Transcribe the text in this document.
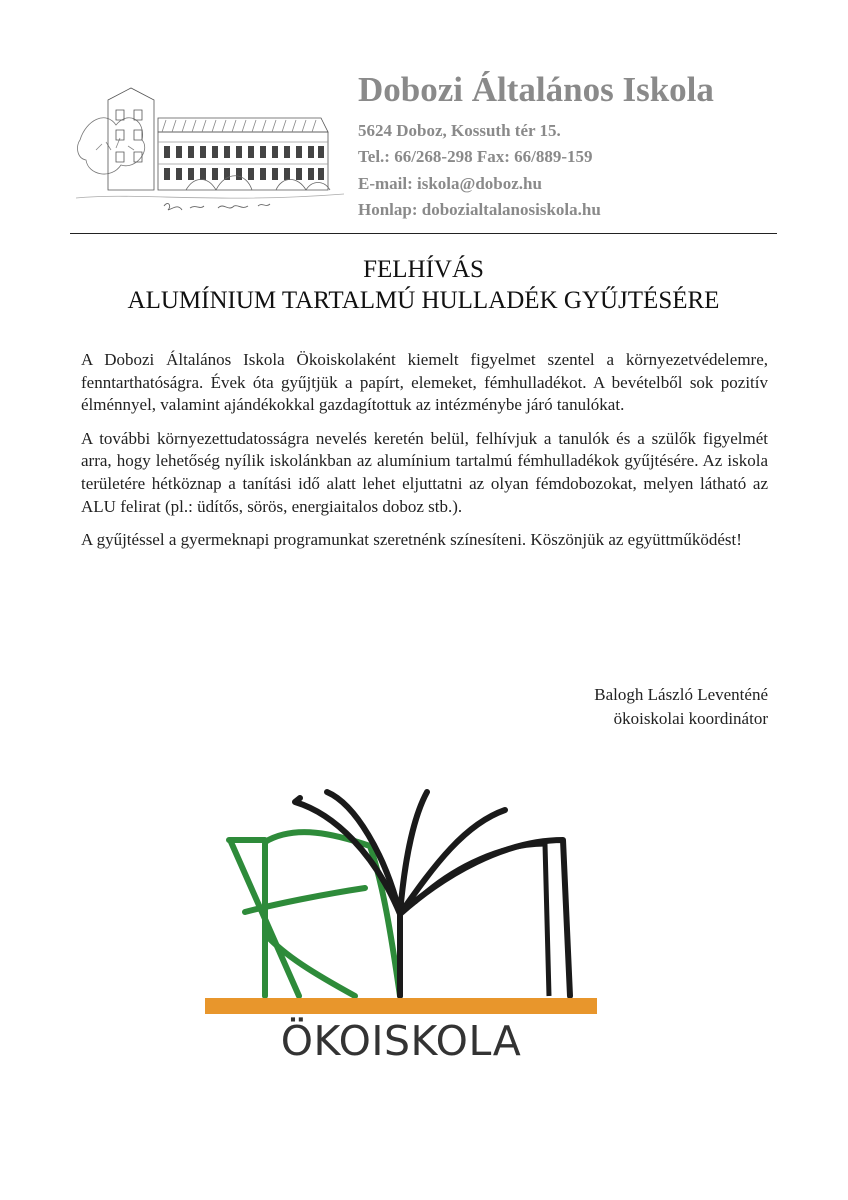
Dobozi Általános Iskola
5624 Doboz, Kossuth tér 15.
Tel.: 66/268-298 Fax: 66/889-159
E-mail: iskola@doboz.hu
Honlap: dobozialtalanosiskola.hu
FELHÍVÁS
ALUMÍNIUM TARTALMÚ HULLADÉK GYŰJTÉSÉRE

A Dobozi Általános Iskola Ökoiskolaként kiemelt figyelmet szentel a környezetvédelemre, fenntarthatóságra. Évek óta gyűjtjük a papírt, elemeket, fémhulladékot. A bevételből sok pozitív élménnyel, valamint ajándékokkal gazdagítottuk az intézménybe járó tanulókat.

A további környezettudatosságra nevelés keretén belül, felhívjuk a tanulók és a szülők figyelmét arra, hogy lehetőség nyílik iskolánkban az alumínium tartalmú fémhulladékok gyűjtésére. Az iskola területére hétköznap a tanítási idő alatt lehet eljuttatni az olyan fémdobozokat, melyen látható az ALU felirat (pl.: üdítős, sörös, energiaitalos doboz stb.).

A gyűjtéssel a gyermeknapi programunkat szeretnénk színesíteni. Köszönjük az együttműködést!

Balogh László Leventéné
ökoiskolai koordinátor
ÖKOISKOLA
